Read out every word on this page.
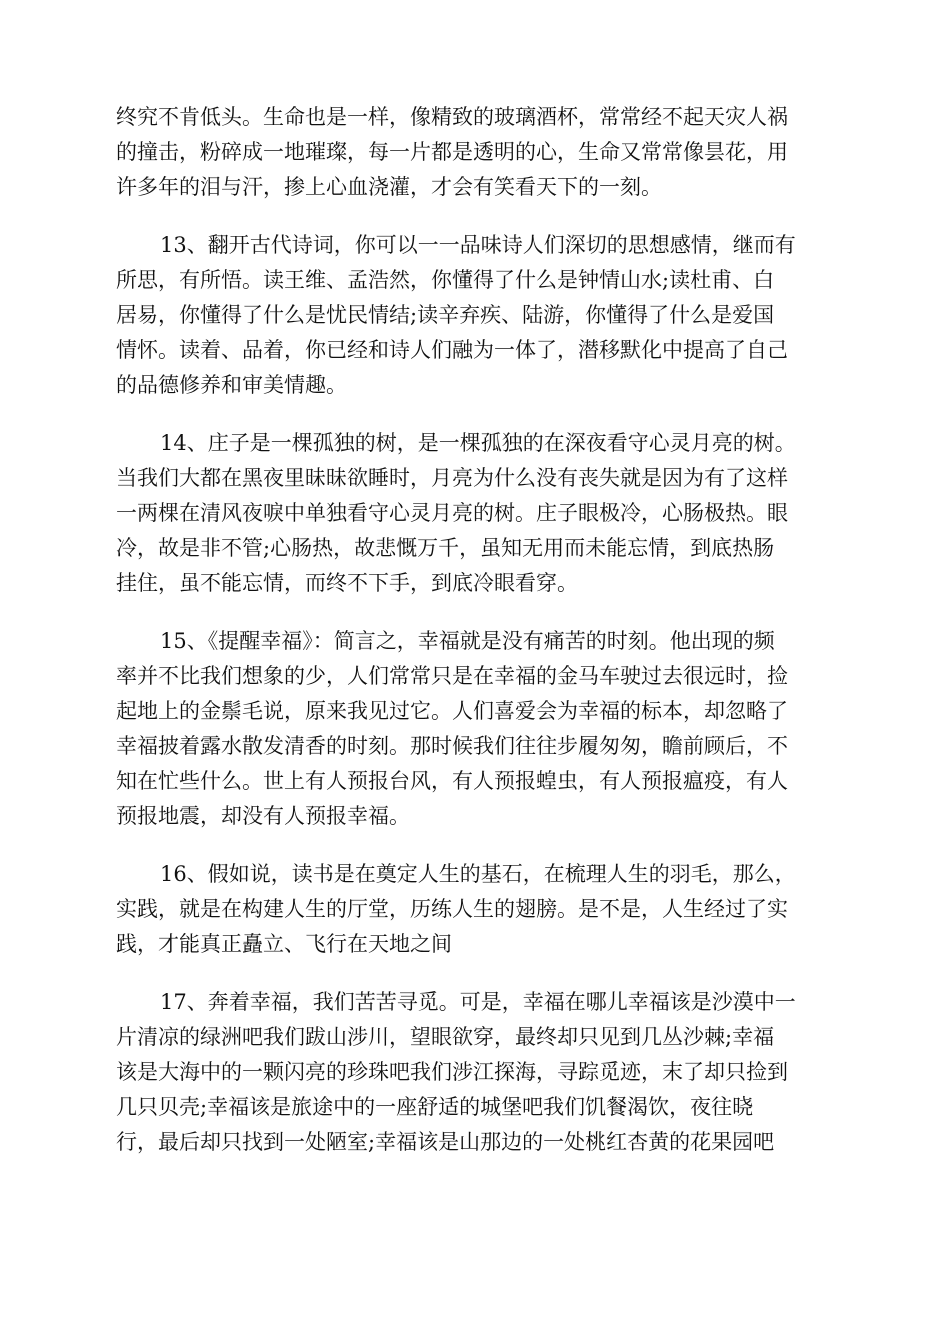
终究不肯低头。生命也是一样，像精致的玻璃酒杯，常常经不起天灾人祸
的撞击，粉碎成一地璀璨，每一片都是透明的心，生命又常常像昙花，用
许多年的泪与汗，掺上心血浇灌，才会有笑看天下的一刻。
13、翻开古代诗词，你可以一一品味诗人们深切的思想感情，继而有
所思，有所悟。读王维、孟浩然，你懂得了什么是钟情山水;读杜甫、白
居易，你懂得了什么是忧民情结;读辛弃疾、陆游，你懂得了什么是爱国
情怀。读着、品着，你已经和诗人们融为一体了，潜移默化中提高了自己
的品德修养和审美情趣。
14、庄子是一棵孤独的树，是一棵孤独的在深夜看守心灵月亮的树。
当我们大都在黑夜里昧昧欲睡时，月亮为什么没有丧失就是因为有了这样
一两棵在清风夜唳中单独看守心灵月亮的树。庄子眼极冷，心肠极热。眼
冷，故是非不管;心肠热，故悲慨万千，虽知无用而未能忘情，到底热肠
挂住，虽不能忘情，而终不下手，到底冷眼看穿。
15、《提醒幸福》：简言之，幸福就是没有痛苦的时刻。他出现的频
率并不比我们想象的少，人们常常只是在幸福的金马车驶过去很远时，捡
起地上的金鬃毛说，原来我见过它。人们喜爱会为幸福的标本，却忽略了
幸福披着露水散发清香的时刻。那时候我们往往步履匆匆，瞻前顾后，不
知在忙些什么。世上有人预报台风，有人预报蝗虫，有人预报瘟疫，有人
预报地震，却没有人预报幸福。
16、假如说，读书是在奠定人生的基石，在梳理人生的羽毛，那么，
实践，就是在构建人生的厅堂，历练人生的翅膀。是不是，人生经过了实
践，才能真正矗立、飞行在天地之间
17、奔着幸福，我们苦苦寻觅。可是，幸福在哪儿幸福该是沙漠中一
片清凉的绿洲吧我们跋山涉川，望眼欲穿，最终却只见到几丛沙棘;幸福
该是大海中的一颗闪亮的珍珠吧我们涉江探海，寻踪觅迹，末了却只捡到
几只贝壳;幸福该是旅途中的一座舒适的城堡吧我们饥餐渴饮，夜往晓
行，最后却只找到一处陋室;幸福该是山那边的一处桃红杏黄的花果园吧
